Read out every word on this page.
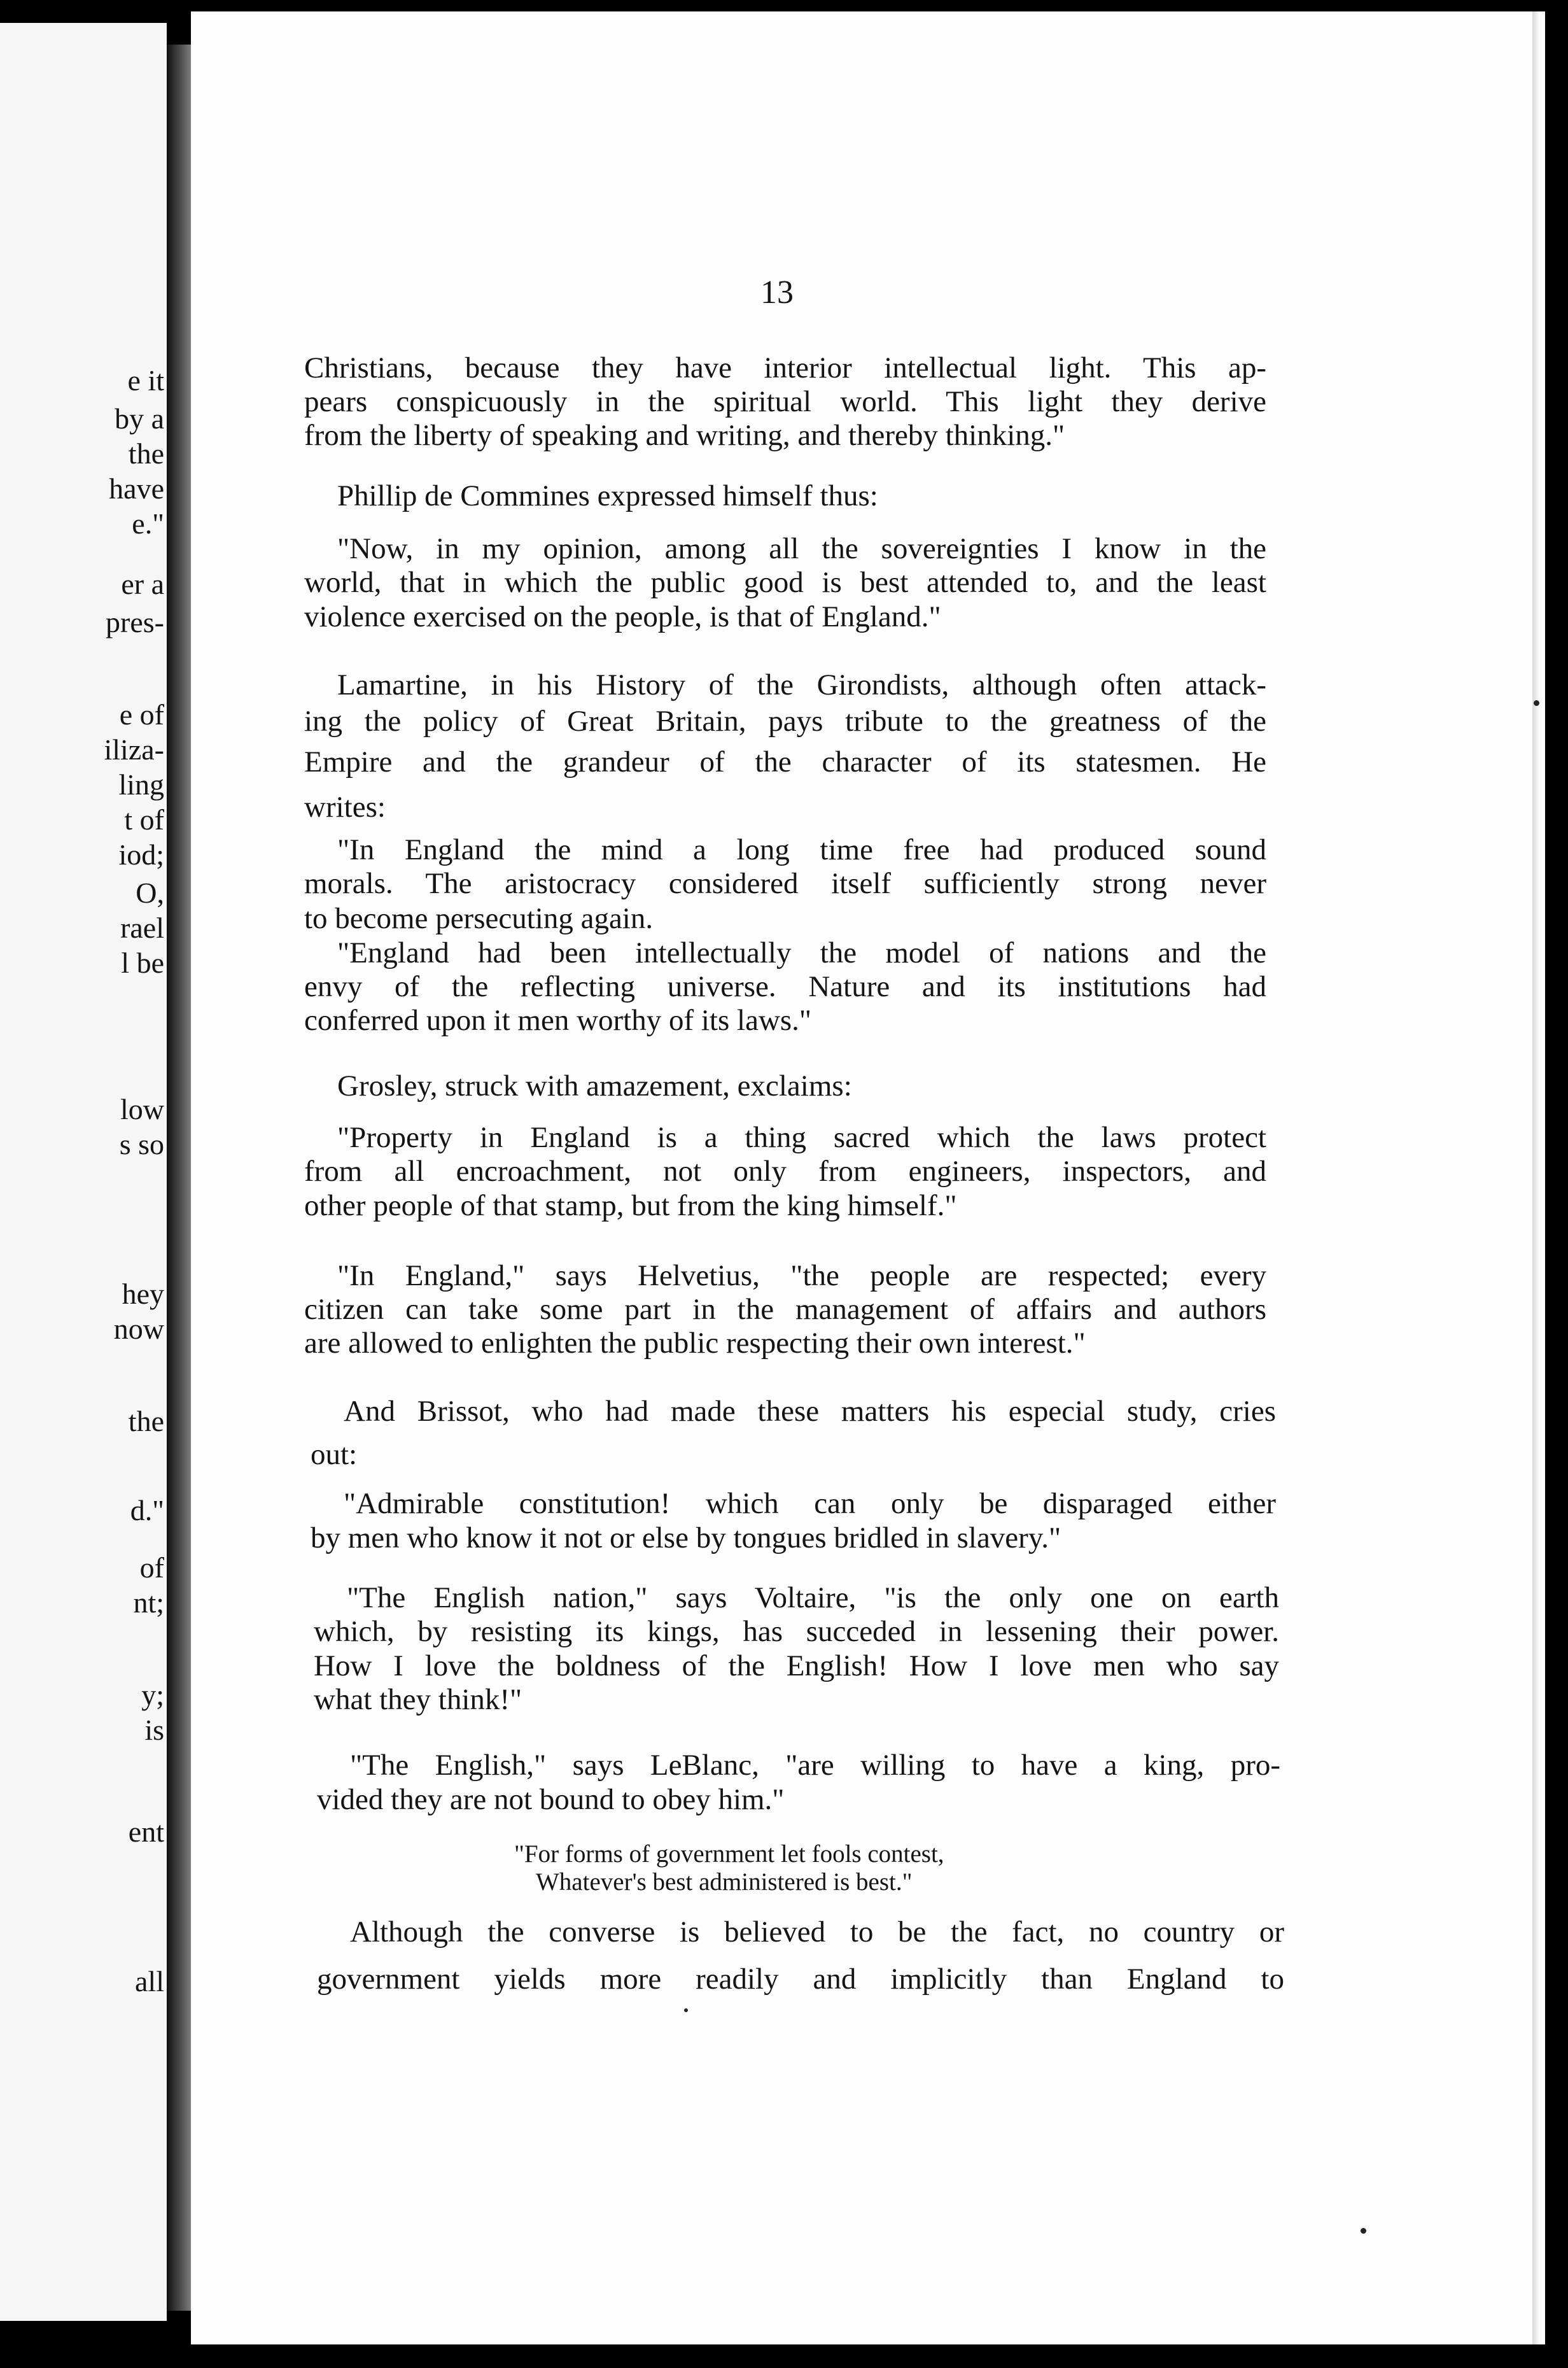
e it
by a
the
have
e."
er a
pres-
e of
iliza-
ling
t of
iod;
O,
rael
l be
low
s so
hey
now
the
d."
of
nt;
y;
is
ent
all
13
Christians, because they have interior intellectual light. This ap-
pears conspicuously in the spiritual world. This light they derive
from the liberty of speaking and writing, and thereby thinking."
Phillip de Commines expressed himself thus:
"Now, in my opinion, among all the sovereignties I know in the
world, that in which the public good is best attended to, and the least
violence exercised on the people, is that of England."
Lamartine, in his History of the Girondists, although often attack-
ing the policy of Great Britain, pays tribute to the greatness of the
Empire and the grandeur of the character of its statesmen. He
writes:
"In England the mind a long time free had produced sound
morals. The aristocracy considered itself sufficiently strong never
to become persecuting again.
"England had been intellectually the model of nations and the
envy of the reflecting universe. Nature and its institutions had
conferred upon it men worthy of its laws."
Grosley, struck with amazement, exclaims:
"Property in England is a thing sacred which the laws protect
from all encroachment, not only from engineers, inspectors, and
other people of that stamp, but from the king himself."
"In England," says Helvetius, "the people are respected; every
citizen can take some part in the management of affairs and authors
are allowed to enlighten the public respecting their own interest."
And Brissot, who had made these matters his especial study, cries
out:
"Admirable constitution! which can only be disparaged either
by men who know it not or else by tongues bridled in slavery."
"The English nation," says Voltaire, "is the only one on earth
which, by resisting its kings, has succeded in lessening their power.
How I love the boldness of the English! How I love men who say
what they think!"
"The English," says LeBlanc, "are willing to have a king, pro-
vided they are not bound to obey him."
Although the converse is believed to be the fact, no country or
government yields more readily and implicitly than England to
"For forms of government let fools contest,
Whatever's best administered is best."
